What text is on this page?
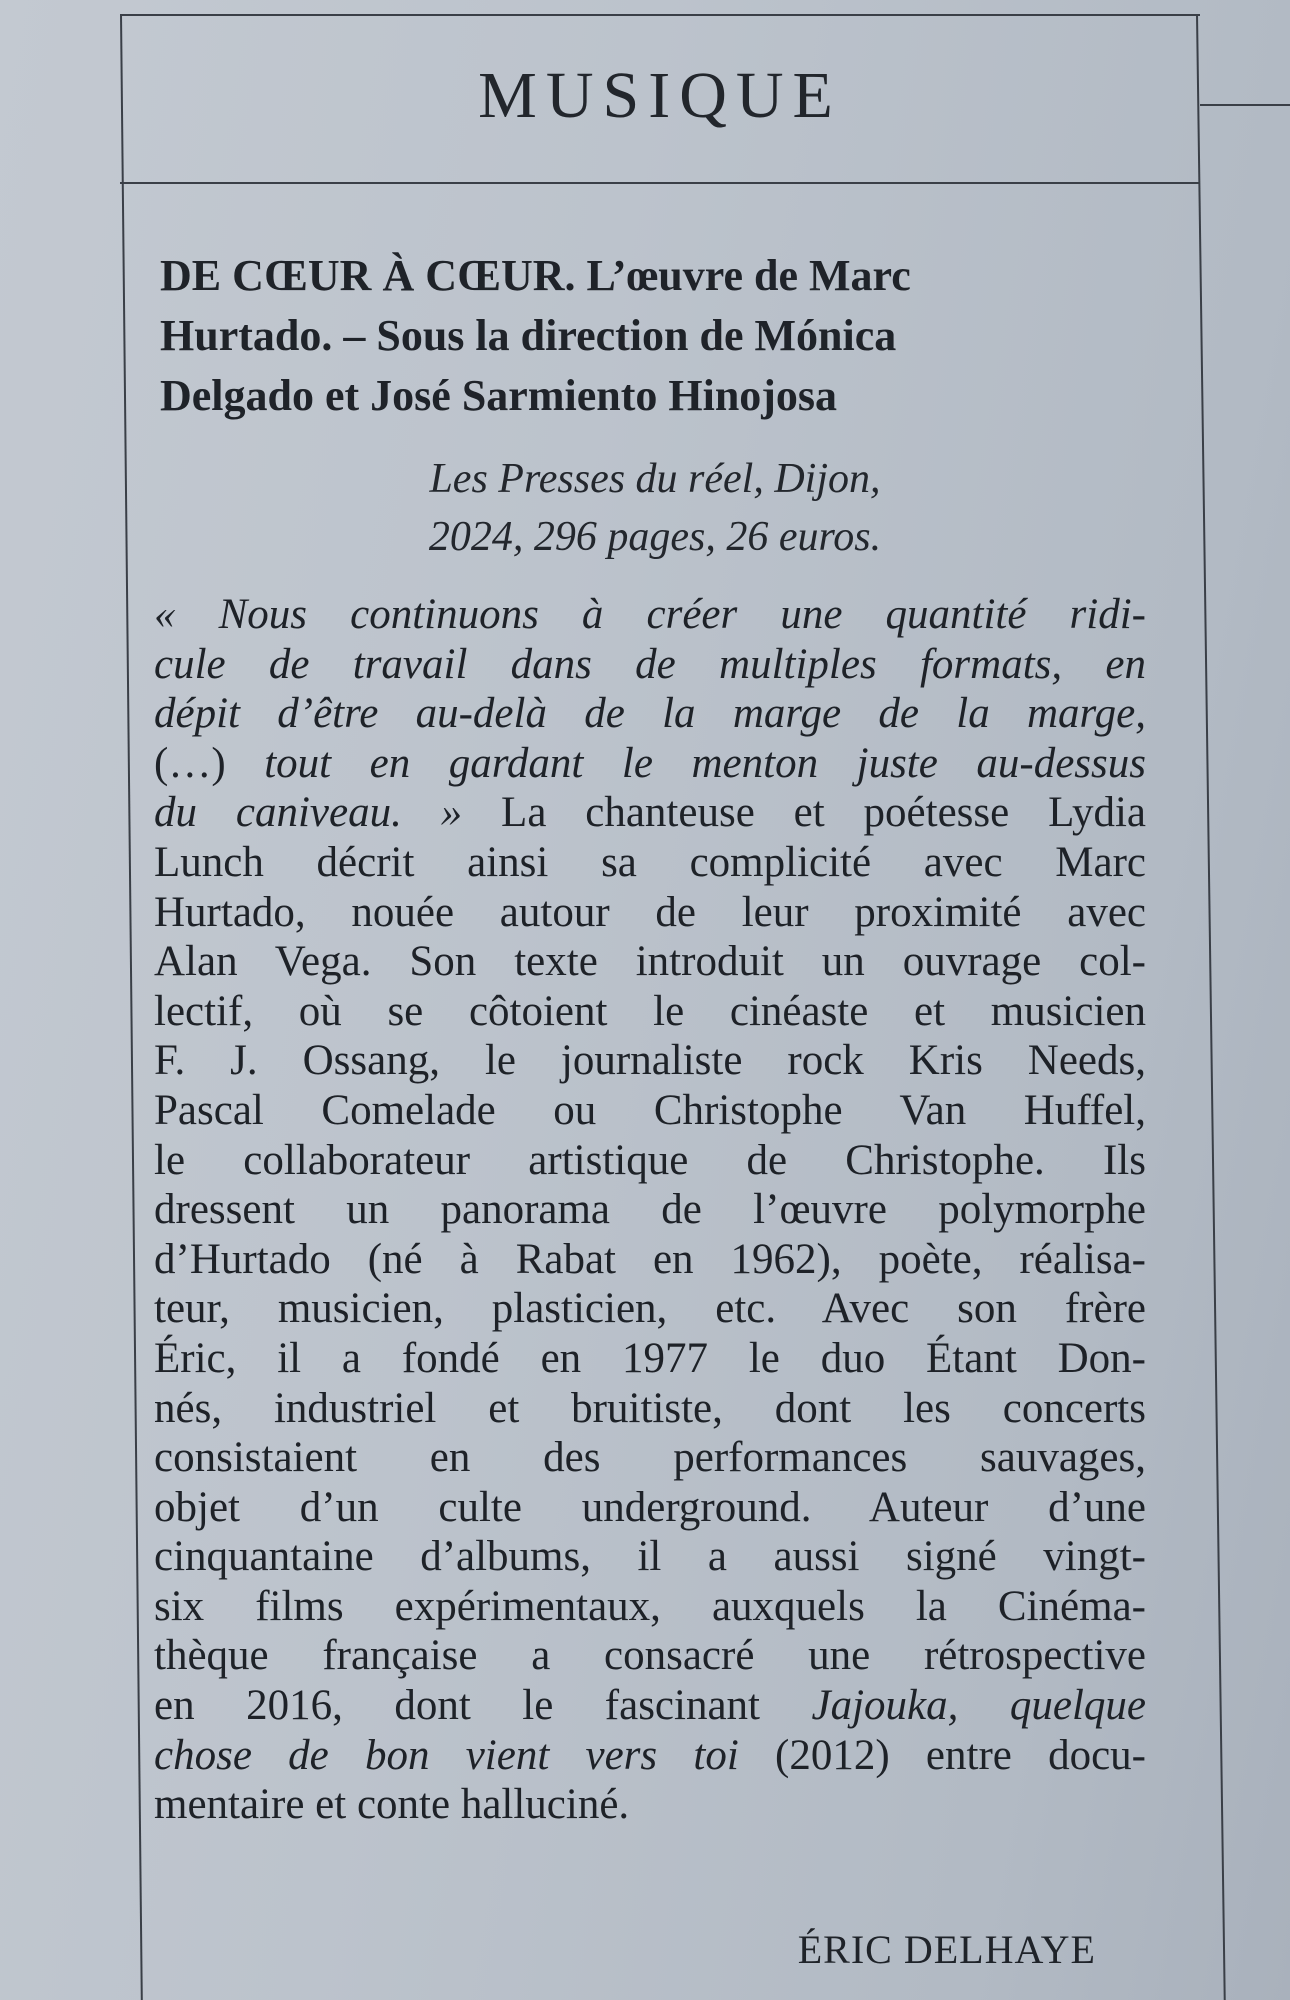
MUSIQUE
DE CŒUR À CŒUR. L’œuvre de Marc
Hurtado. – Sous la direction de Mónica
Delgado et José Sarmiento Hinojosa
Les Presses du réel, Dijon,
2024, 296 pages, 26 euros.
« Nous continuons à créer une quantité ridi-
cule de travail dans de multiples formats, en
dépit d’être au-delà de la marge de la marge,
(…) tout en gardant le menton juste au-dessus
du caniveau. » La chanteuse et poétesse Lydia
Lunch décrit ainsi sa complicité avec Marc
Hurtado, nouée autour de leur proximité avec
Alan Vega. Son texte introduit un ouvrage col-
lectif, où se côtoient le cinéaste et musicien
F. J. Ossang, le journaliste rock Kris Needs,
Pascal Comelade ou Christophe Van Huffel,
le collaborateur artistique de Christophe. Ils
dressent un panorama de l’œuvre polymorphe
d’Hurtado (né à Rabat en 1962), poète, réalisa-
teur, musicien, plasticien, etc. Avec son frère
Éric, il a fondé en 1977 le duo Étant Don-
nés, industriel et bruitiste, dont les concerts
consistaient en des performances sauvages,
objet d’un culte underground. Auteur d’une
cinquantaine d’albums, il a aussi signé vingt-
six films expérimentaux, auxquels la Cinéma-
thèque française a consacré une rétrospective
en 2016, dont le fascinant Jajouka, quelque
chose de bon vient vers toi (2012) entre docu-
mentaire et conte halluciné.
ÉRIC DELHAYE
